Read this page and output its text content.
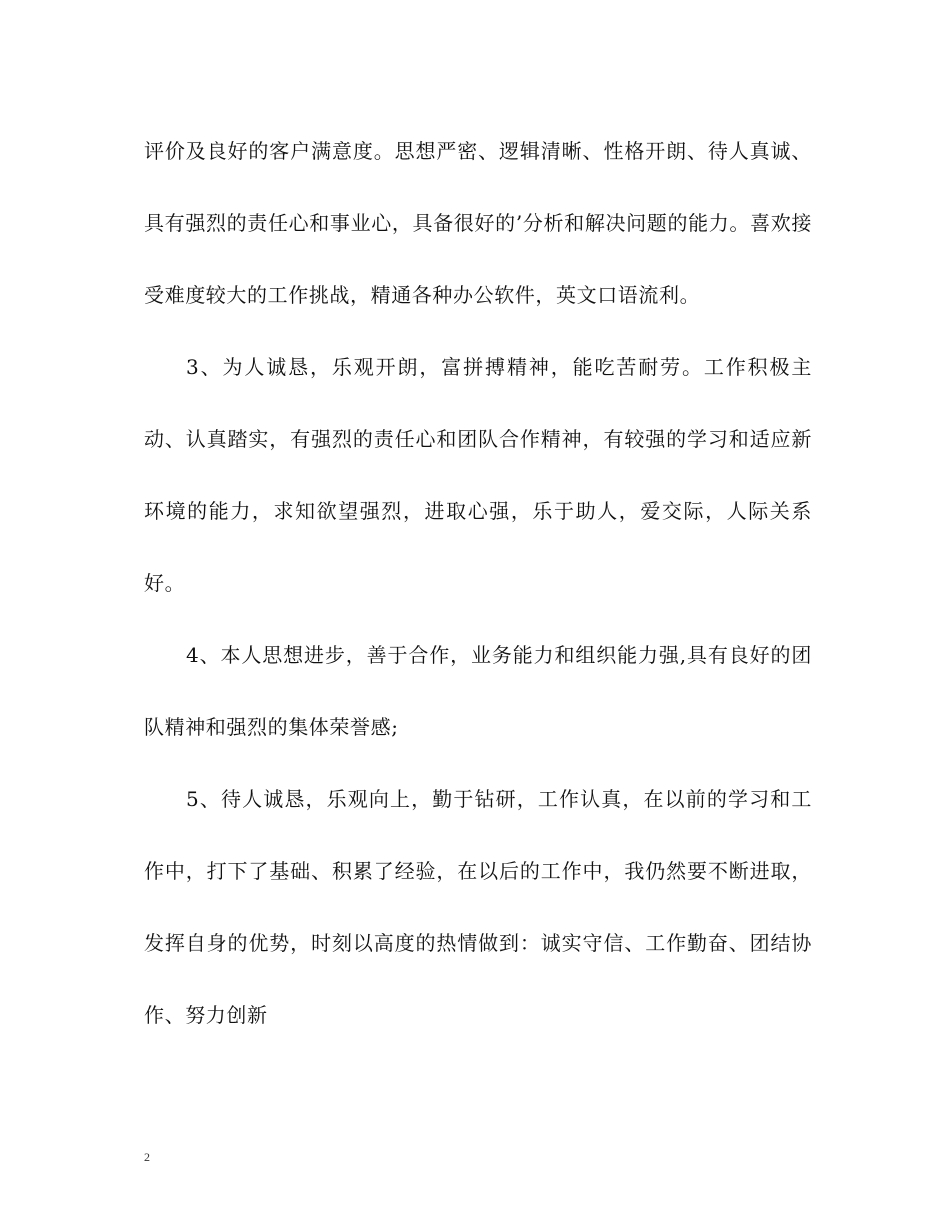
评价及良好的客户满意度。思想严密、逻辑清晰、性格开朗、待人真诚、具有强烈的责任心和事业心，具备很好的’分析和解决问题的能力。喜欢接受难度较大的工作挑战，精通各种办公软件，英文口语流利。

3、为人诚恳，乐观开朗，富拼搏精神，能吃苦耐劳。工作积极主动、认真踏实，有强烈的责任心和团队合作精神，有较强的学习和适应新环境的能力，求知欲望强烈，进取心强，乐于助人，爱交际，人际关系好。

4、本人思想进步，善于合作，业务能力和组织能力强,具有良好的团队精神和强烈的集体荣誉感;

5、待人诚恳，乐观向上，勤于钻研，工作认真，在以前的学习和工作中，打下了基础、积累了经验，在以后的工作中，我仍然要不断进取，发挥自身的优势，时刻以高度的热情做到：诚实守信、工作勤奋、团结协作、努力创新

2
